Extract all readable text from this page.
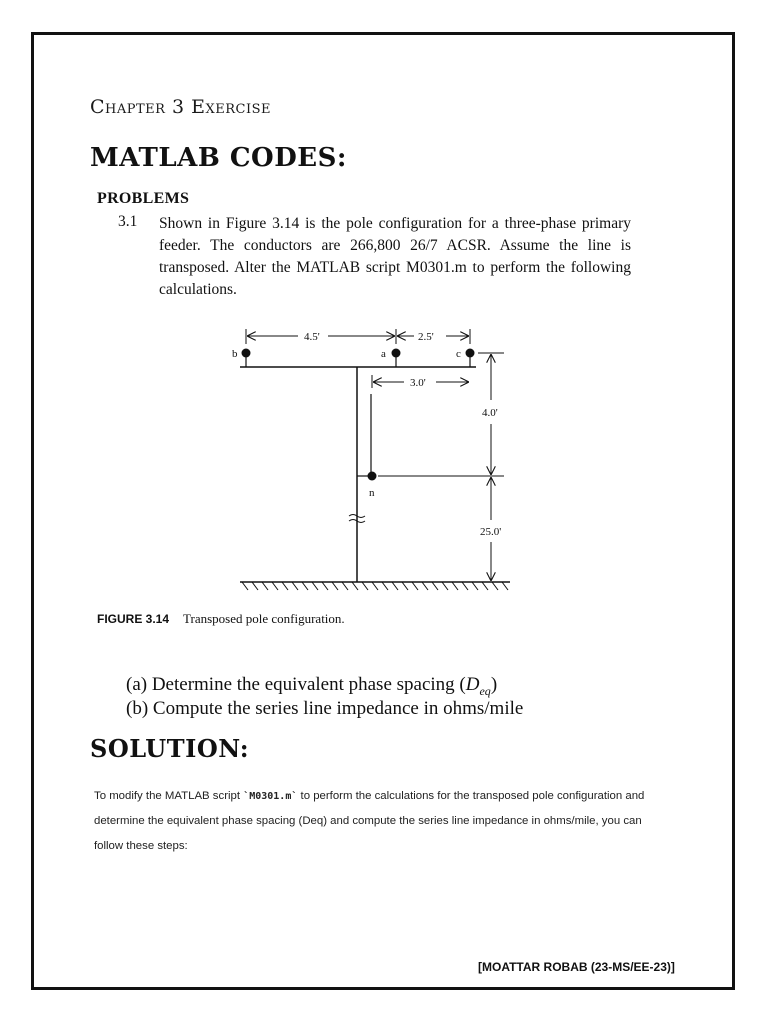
Chapter 3 Exercise
MATLAB CODES:
PROBLEMS
3.1 Shown in Figure 3.14 is the pole configuration for a three-phase primary feeder. The conductors are 266,800 26/7 ACSR. Assume the line is transposed. Alter the MATLAB script M0301.m to perform the following calculations.
b	a	c
n
4.5'	2.5'
3.0'
4.0'
25.0'
FIGURE 3.14 Transposed pole configuration.
(a) Determine the equivalent phase spacing $(D_{eq})$
(b) Compute the series line impedance in ohms/mile
SOLUTION:
To modify the MATLAB script `M0301.m` to perform the calculations for the transposed pole configuration and determine the equivalent phase spacing (Deq) and compute the series line impedance in ohms/mile, you can follow these steps:
[MOATTAR ROBAB (23-MS/EE-23)]
